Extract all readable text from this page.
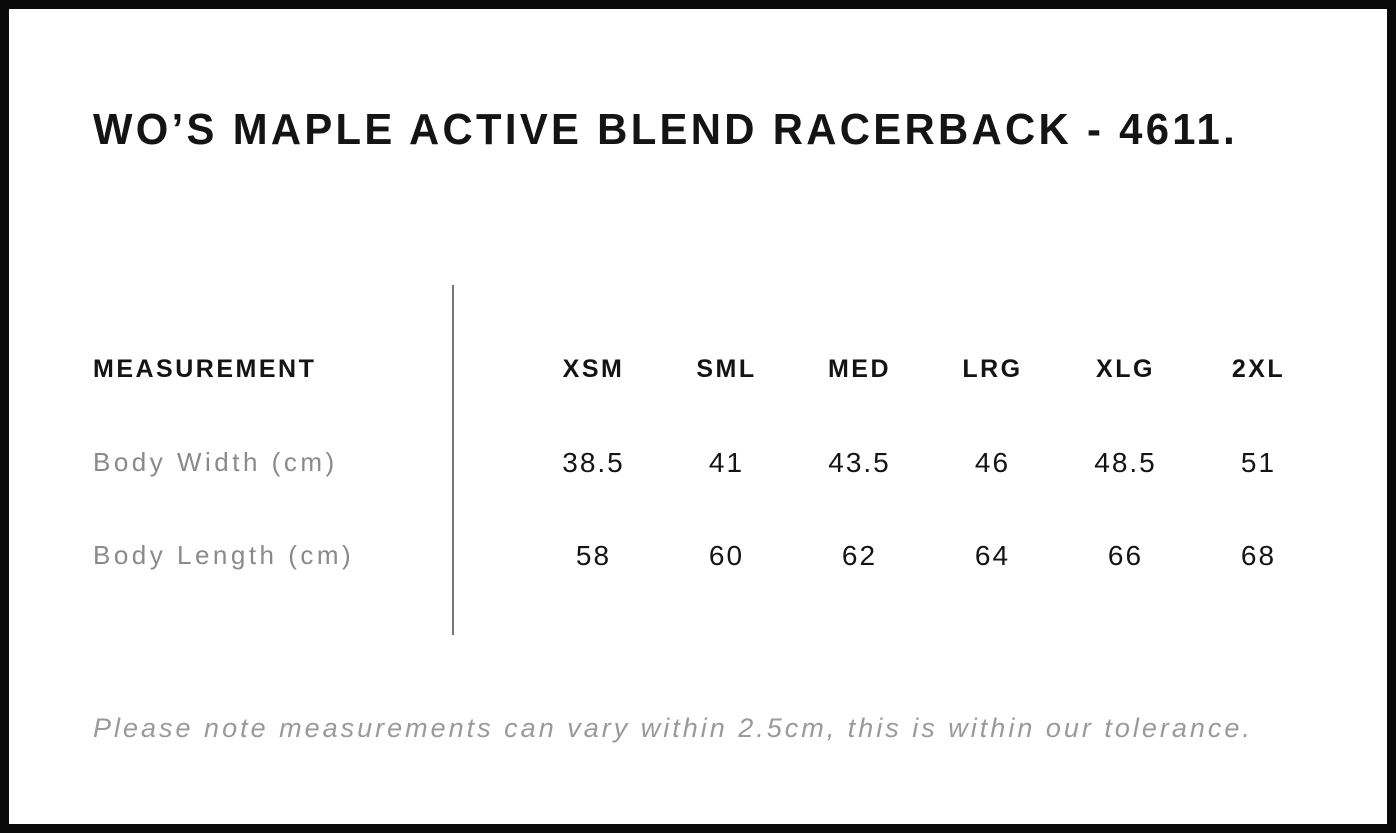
WO’S MAPLE ACTIVE BLEND RACERBACK - 4611.
MEASUREMENT	XSM	SML	MED	LRG	XLG	2XL
Body Width (cm)	38.5	41	43.5	46	48.5	51
Body Length (cm)	58	60	62	64	66	68

Please note measurements can vary within 2.5cm, this is within our tolerance.
